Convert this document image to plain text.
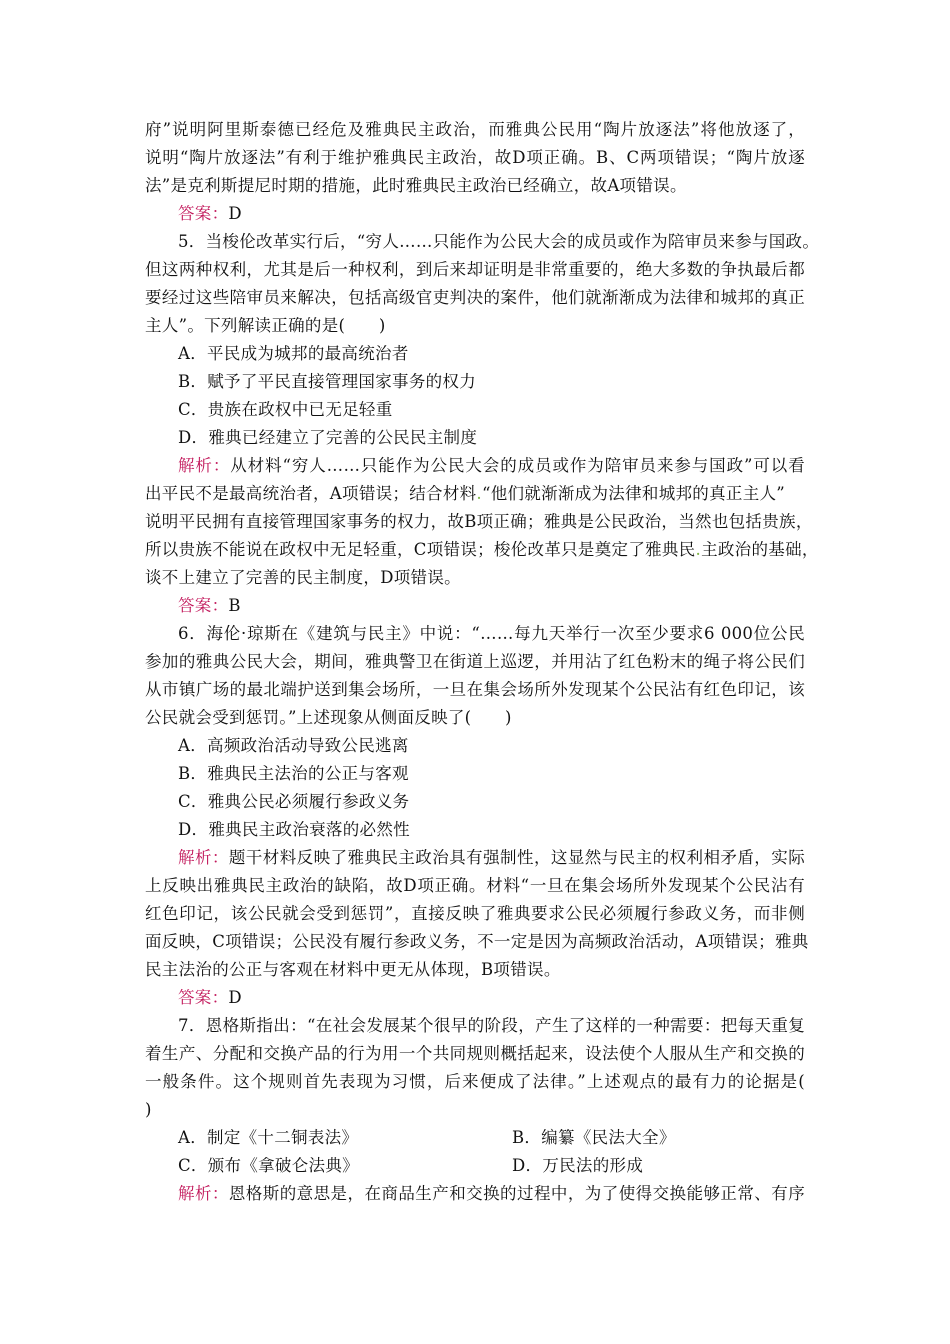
府”说明阿里斯泰德已经危及雅典民主政治，而雅典公民用“陶片放逐法”将他放逐了，
说明“陶片放逐法”有利于维护雅典民主政治，故D项正确。B、C两项错误；“陶片放逐
法”是克利斯提尼时期的措施，此时雅典民主政治已经确立，故A项错误。
答案：D
5．当梭伦改革实行后，“穷人……只能作为公民大会的成员或作为陪审员来参与国政。
但这两种权利，尤其是后一种权利，到后来却证明是非常重要的，绝大多数的争执最后都
要经过这些陪审员来解决，包括高级官吏判决的案件，他们就渐渐成为法律和城邦的真正
主人”。下列解读正确的是(　　)
A．平民成为城邦的最高统治者
B．赋予了平民直接管理国家事务的权力
C．贵族在政权中已无足轻重
D．雅典已经建立了完善的公民民主制度
解析：从材料“穷人……只能作为公民大会的成员或作为陪审员来参与国政”可以看
出平民不是最高统治者，A项错误；结合材料.“他们就渐渐成为法律和城邦的真正主人”
说明平民拥有直接管理国家事务的权力，故B项正确；雅典是公民政治，当然也包括贵族，
所以贵族不能说在政权中无足轻重，C项错误；梭伦改革只是奠定了雅典民.主政治的基础，
谈不上建立了完善的民主制度，D项错误。
答案：B
6．海伦·琼斯在《建筑与民主》中说：“……每九天举行一次至少要求6 000位公民
参加的雅典公民大会，期间，雅典警卫在街道上巡逻，并用沾了红色粉末的绳子将公民们
从市镇广场的最北端护送到集会场所，一旦在集会场所外发现某个公民沾有红色印记，该
公民就会受到惩罚。”上述现象从侧面反映了(　　)
A．高频政治活动导致公民逃离
B．雅典民主法治的公正与客观
C．雅典公民必须履行参政义务
D．雅典民主政治衰落的必然性
解析：题干材料反映了雅典民主政治具有强制性，这显然与民主的权利相矛盾，实际
上反映出雅典民主政治的缺陷，故D项正确。材料“一旦在集会场所外发现某个公民沾有
红色印记，该公民就会受到惩罚”，直接反映了雅典要求公民必须履行参政义务，而非侧
面反映，C项错误；公民没有履行参政义务，不一定是因为高频政治活动，A项错误；雅典
民主法治的公正与客观在材料中更无从体现，B项错误。
答案：D
7．恩格斯指出：“在社会发展某个很早的阶段，产生了这样的一种需要：把每天重复
着生产、分配和交换产品的行为用一个共同规则概括起来，设法使个人服从生产和交换的
一般条件。这个规则首先表现为习惯，后来便成了法律。”上述观点的最有力的论据是(
)
A．制定《十二铜表法》	B．编纂《民法大全》
C．颁布《拿破仑法典》	D．万民法的形成
解析：恩格斯的意思是，在商品生产和交换的过程中，为了使得交换能够正常、有序
